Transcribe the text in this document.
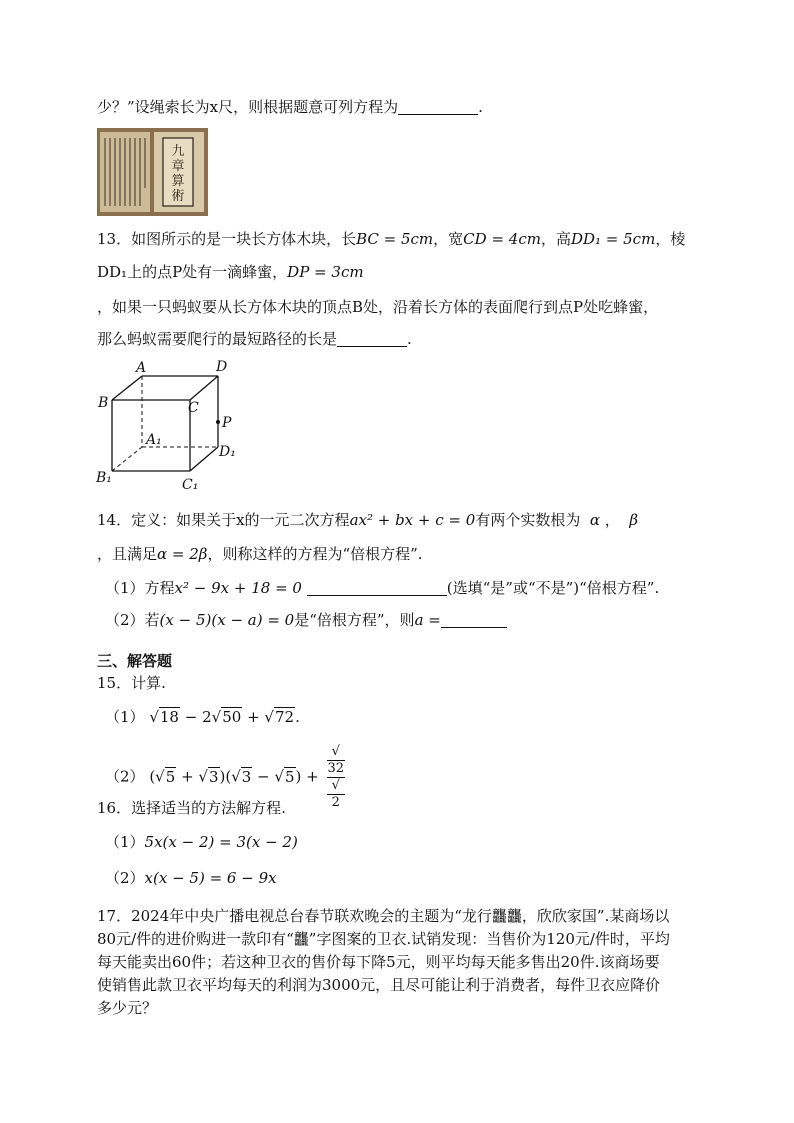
少？”设绳索长为x尺，则根据题意可列方程为	.
九
章
算
術
13．如图所示的是一块长方体木块，长BC = 5cm，宽CD = 4cm，高DD₁ = 5cm，棱
DD₁上的点P处有一滴蜂蜜，DP = 3cm
，如果一只蚂蚁要从长方体木块的顶点B处，沿着长方体的表面爬行到点P处吃蜂蜜，
那么蚂蚁需要爬行的最短路径的长是	.
A	D
B	C
P
A₁
D₁
B₁	C₁
14．定义：如果关于x的一元二次方程ax² + bx + c = 0有两个实数根为 α ， β
，且满足α = 2β，则称这样的方程为“倍根方程”.
（1）方程x² − 9x + 18 = 0	(选填“是”或“不是”)“倍根方程”.
（2）若(x − 5)(x − a) = 0是“倍根方程”，则a =
三、解答题
15．计算.
（1） √18 − 2√50 + √72.
（2） (√5 + √3)(√3 − √5) + √
32
√
2
16．选择适当的方法解方程.
（1）5x(x − 2) = 3(x − 2)
（2）x(x − 5) = 6 − 9x
17．2024年中央广播电视总台春节联欢晚会的主题为“龙行龘龘，欣欣家国”.某商场以
80元/件的进价购进一款印有“龘”字图案的卫衣.试销发现：当售价为120元/件时，平均
每天能卖出60件；若这种卫衣的售价每下降5元，则平均每天能多售出20件.该商场要
使销售此款卫衣平均每天的利润为3000元，且尽可能让利于消费者，每件卫衣应降价
多少元？
